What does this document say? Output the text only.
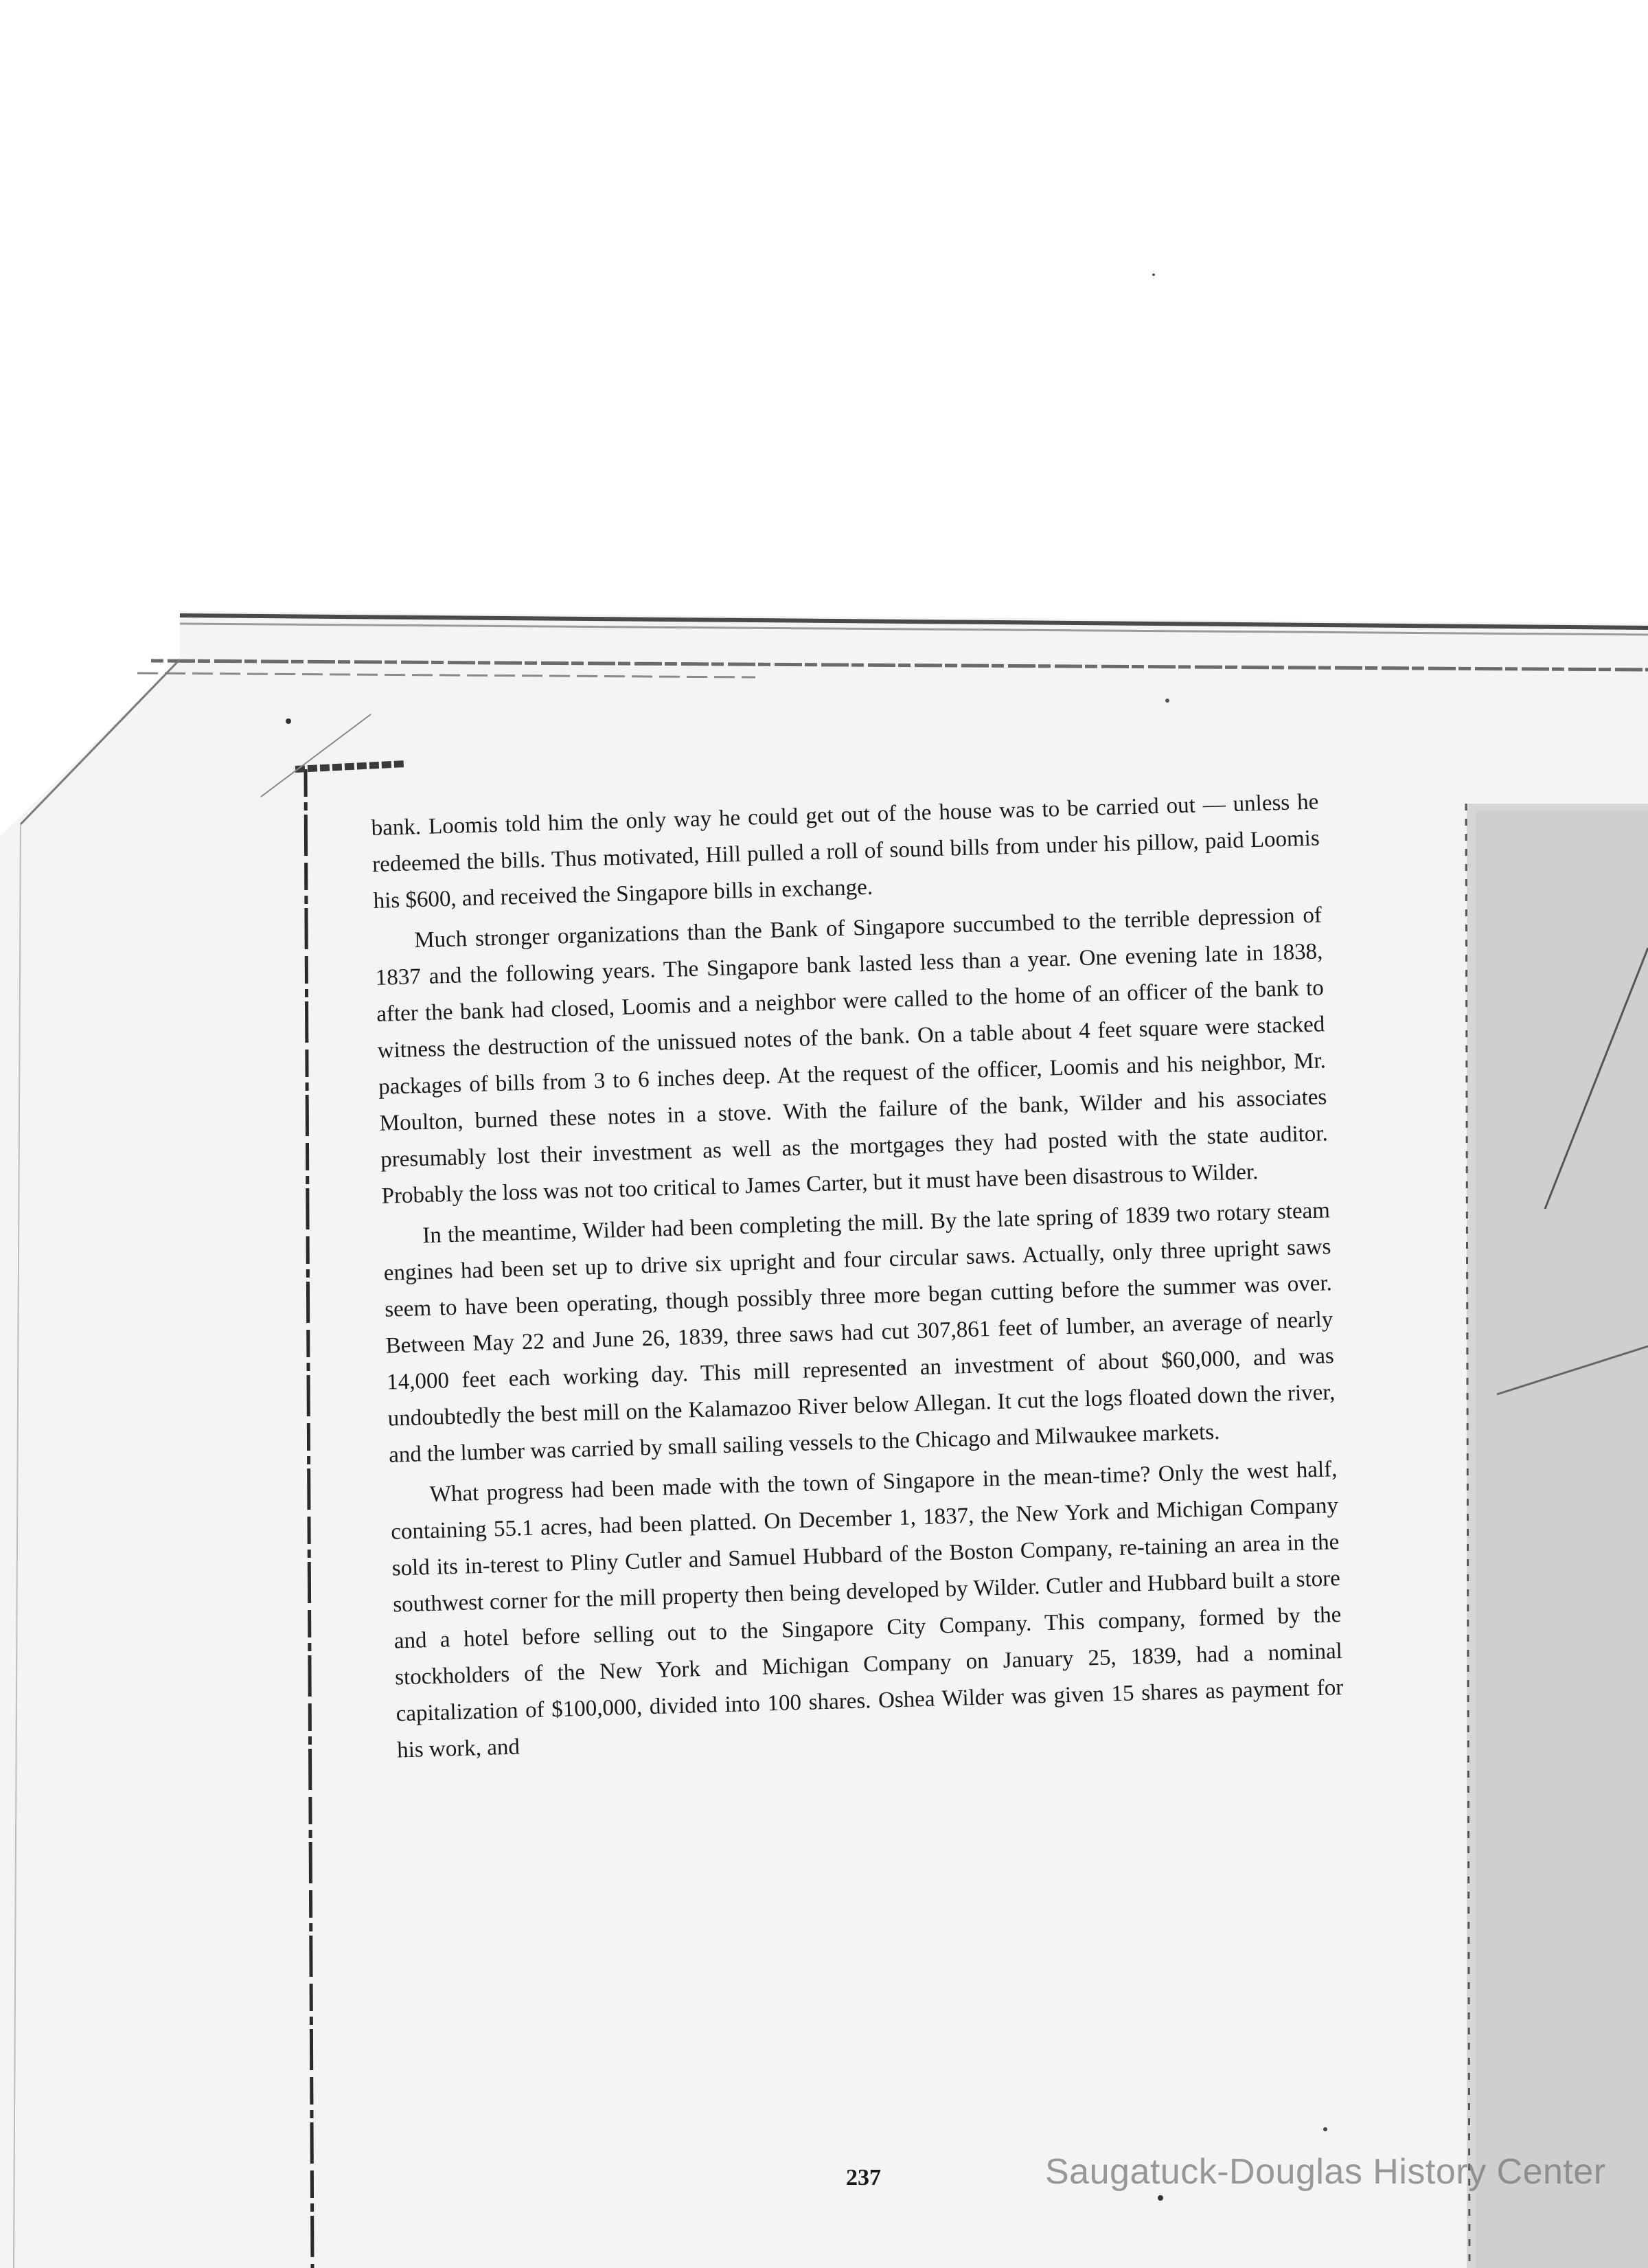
bank. Loomis told him the only way he could get out of the house was to be carried out — unless he redeemed the bills. Thus motivated, Hill pulled a roll of sound bills from under his pillow, paid Loomis his $600, and received the Singapore bills in exchange.

Much stronger organizations than the Bank of Singapore succumbed to the terrible depression of 1837 and the following years. The Singapore bank lasted less than a year. One evening late in 1838, after the bank had closed, Loomis and a neighbor were called to the home of an officer of the bank to witness the destruction of the unissued notes of the bank. On a table about 4 feet square were stacked packages of bills from 3 to 6 inches deep. At the request of the officer, Loomis and his neighbor, Mr. Moulton, burned these notes in a stove. With the failure of the bank, Wilder and his associates presumably lost their investment as well as the mortgages they had posted with the state auditor. Probably the loss was not too critical to James Carter, but it must have been disastrous to Wilder.

In the meantime, Wilder had been completing the mill. By the late spring of 1839 two rotary steam engines had been set up to drive six upright and four circular saws. Actually, only three upright saws seem to have been operating, though possibly three more began cutting before the summer was over. Between May 22 and June 26, 1839, three saws had cut 307,861 feet of lumber, an average of nearly 14,000 feet each working day. This mill represented an investment of about $60,000, and was undoubtedly the best mill on the Kalamazoo River below Allegan. It cut the logs floated down the river, and the lumber was carried by small sailing vessels to the Chicago and Milwaukee markets.

What progress had been made with the town of Singapore in the mean-time? Only the west half, containing 55.1 acres, had been platted. On December 1, 1837, the New York and Michigan Company sold its in-terest to Pliny Cutler and Samuel Hubbard of the Boston Company, re-taining an area in the southwest corner for the mill property then being developed by Wilder. Cutler and Hubbard built a store and a hotel before selling out to the Singapore City Company. This company, formed by the stockholders of the New York and Michigan Company on January 25, 1839, had a nominal capitalization of $100,000, divided into 100 shares. Oshea Wilder was given 15 shares as payment for his work, and

237	Saugatuck-Douglas History Center
